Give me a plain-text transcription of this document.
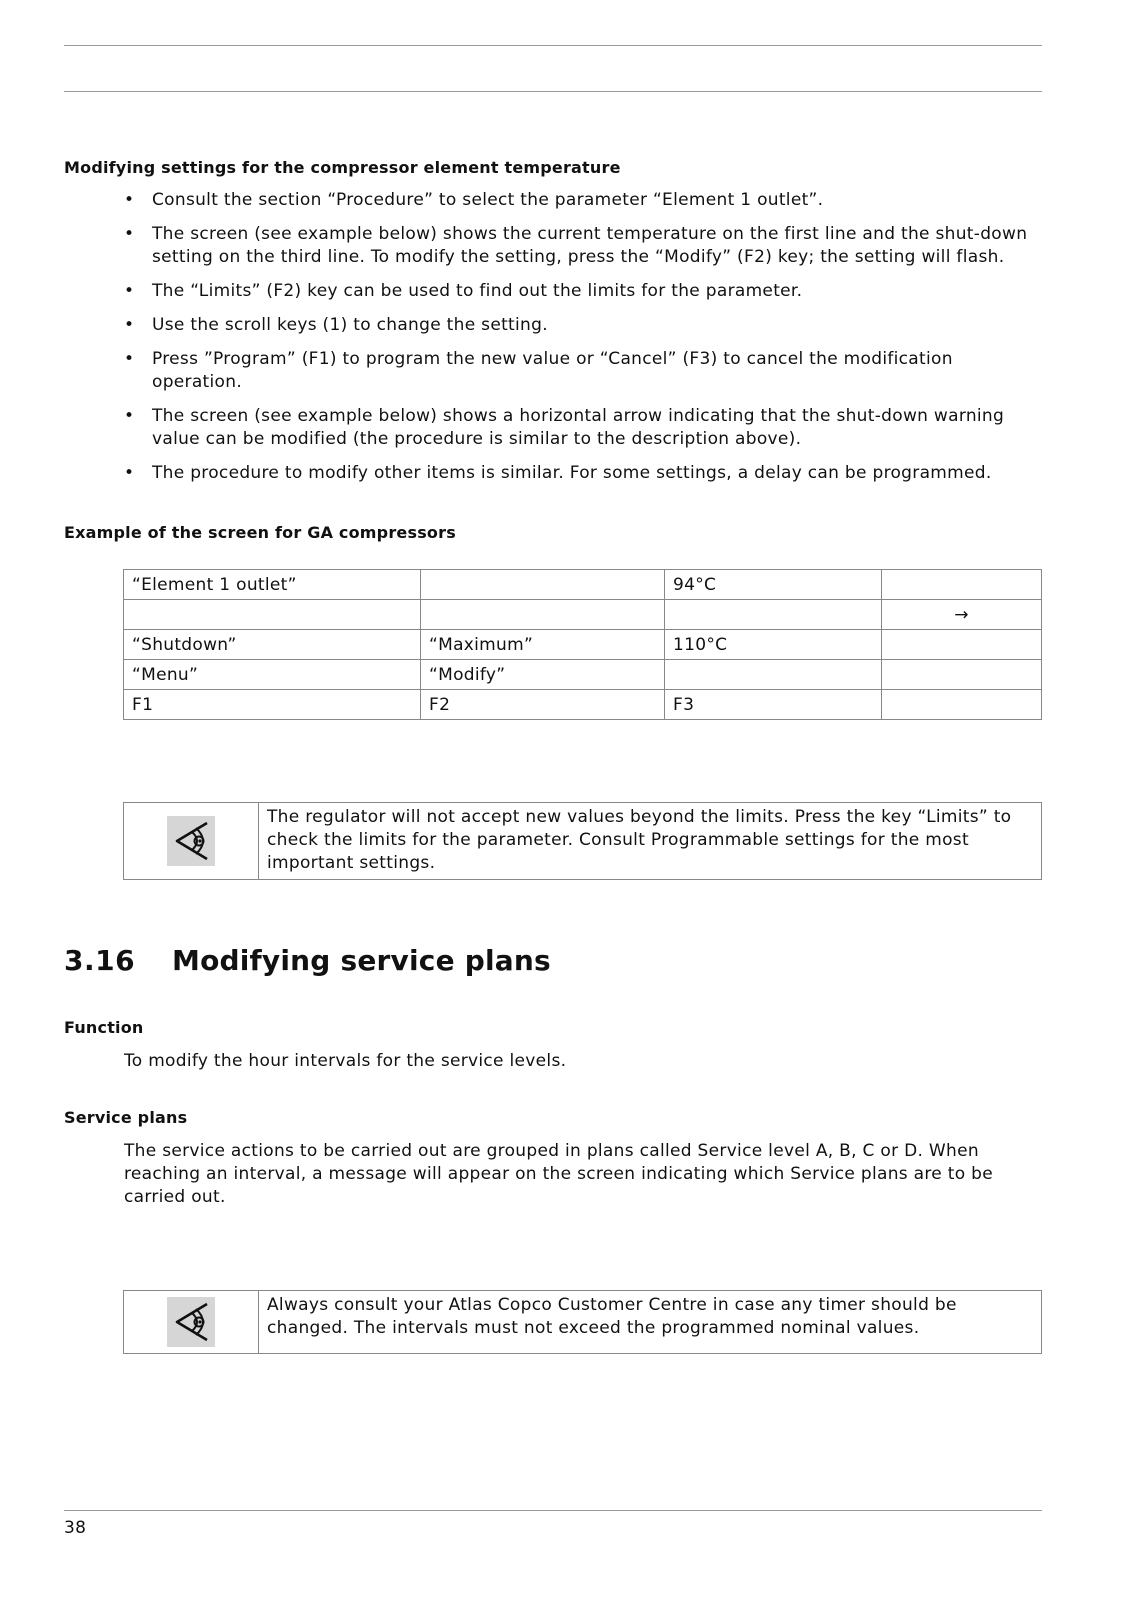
Modifying settings for the compressor element temperature
• Consult the section “Procedure” to select the parameter “Element 1 outlet”.
• The screen (see example below) shows the current temperature on the first line and the shut-down setting on the third line. To modify the setting, press the “Modify” (F2) key; the setting will flash.
• The “Limits” (F2) key can be used to find out the limits for the parameter.
• Use the scroll keys (1) to change the setting.
• Press ”Program” (F1) to program the new value or “Cancel” (F3) to cancel the modification operation.
• The screen (see example below) shows a horizontal arrow indicating that the shut-down warning value can be modified (the procedure is similar to the description above).
• The procedure to modify other items is similar. For some settings, a delay can be programmed.
Example of the screen for GA compressors
“Element 1 outlet”		94°C	
			→
“Shutdown”	“Maximum”	110°C	
“Menu”	“Modify”		
F1	F2	F3	
The regulator will not accept new values beyond the limits. Press the key “Limits” to check the limits for the parameter. Consult Programmable settings for the most important settings.
3.16 Modifying service plans
Function
To modify the hour intervals for the service levels.
Service plans
The service actions to be carried out are grouped in plans called Service level A, B, C or D. When reaching an interval, a message will appear on the screen indicating which Service plans are to be carried out.
Always consult your Atlas Copco Customer Centre in case any timer should be changed. The intervals must not exceed the programmed nominal values.
38
